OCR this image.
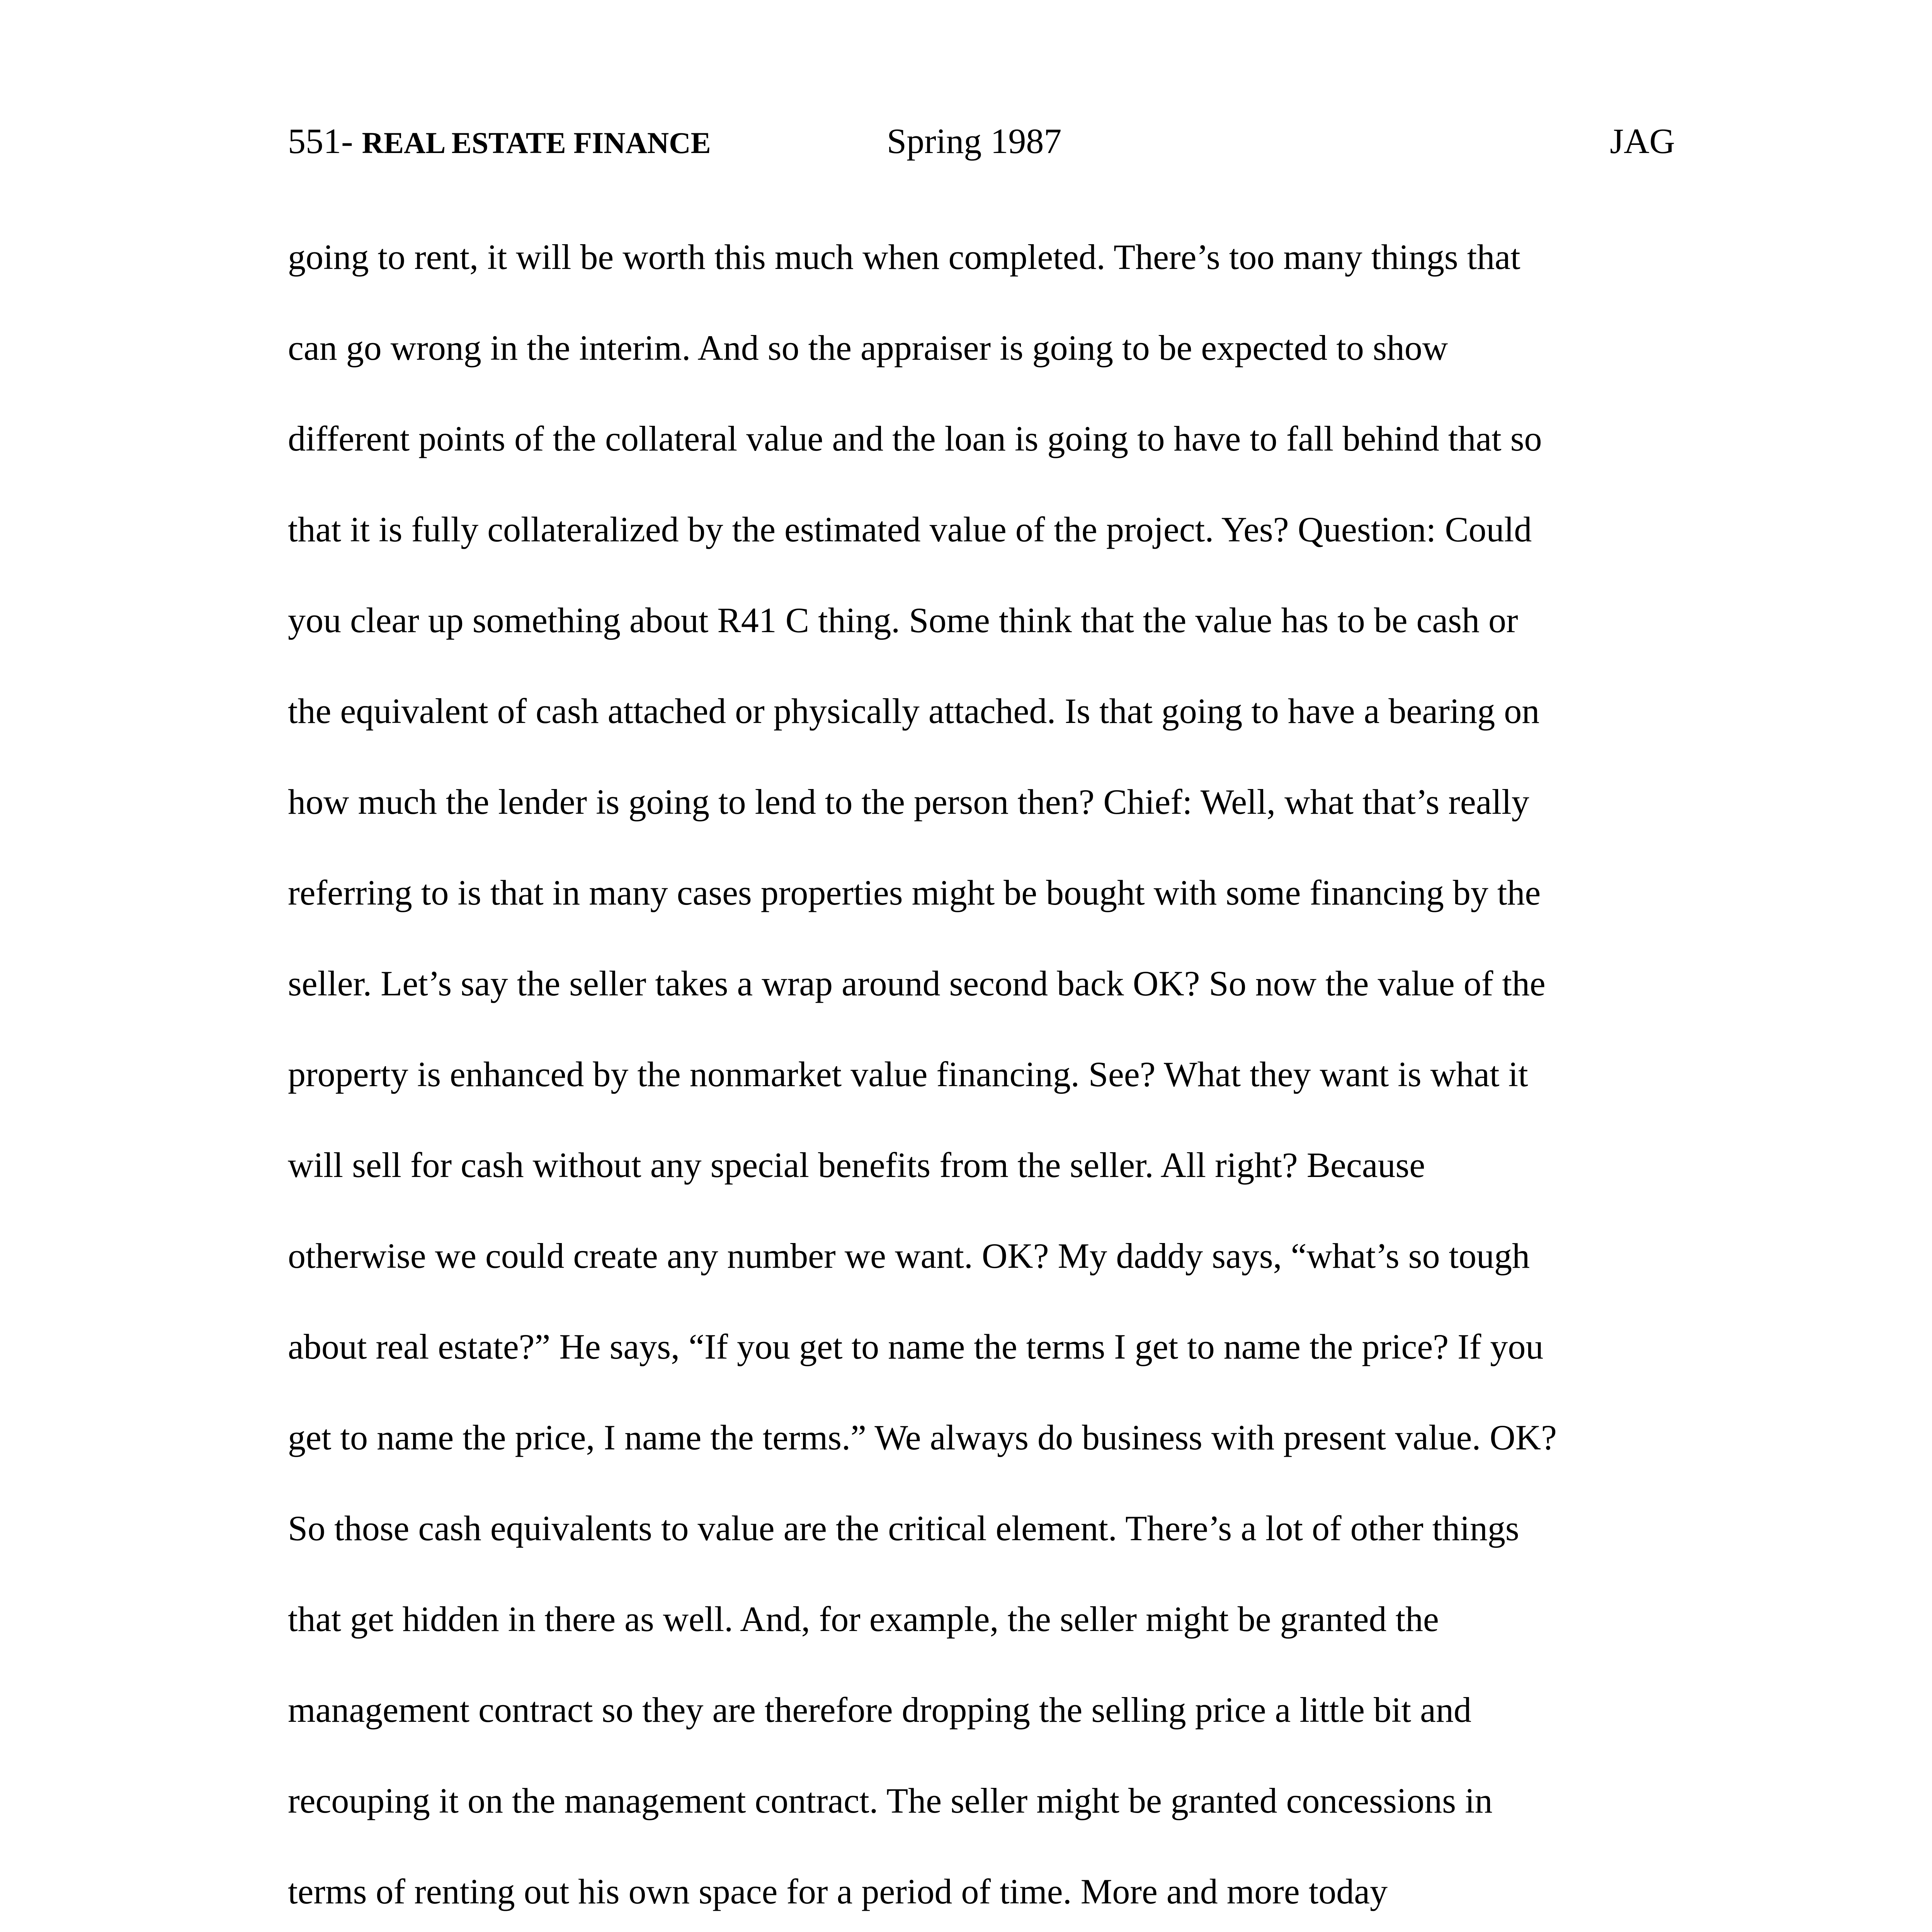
551- REAL ESTATE FINANCE	Spring 1987	JAG
going to rent, it will be worth this much when completed. There’s too many things that
can go wrong in the interim. And so the appraiser is going to be expected to show
different points of the collateral value and the loan is going to have to fall behind that so
that it is fully collateralized by the estimated value of the project. Yes? Question: Could
you clear up something about R41 C thing. Some think that the value has to be cash or
the equivalent of cash attached or physically attached. Is that going to have a bearing on
how much the lender is going to lend to the person then? Chief: Well, what that’s really
referring to is that in many cases properties might be bought with some financing by the
seller. Let’s say the seller takes a wrap around second back OK? So now the value of the
property is enhanced by the nonmarket value financing. See? What they want is what it
will sell for cash without any special benefits from the seller. All right? Because
otherwise we could create any number we want. OK? My daddy says, “what’s so tough
about real estate?” He says, “If you get to name the terms I get to name the price? If you
get to name the price, I name the terms.” We always do business with present value. OK?
So those cash equivalents to value are the critical element. There’s a lot of other things
that get hidden in there as well. And, for example, the seller might be granted the
management contract so they are therefore dropping the selling price a little bit and
recouping it on the management contract. The seller might be granted concessions in
terms of renting out his own space for a period of time. More and more today
